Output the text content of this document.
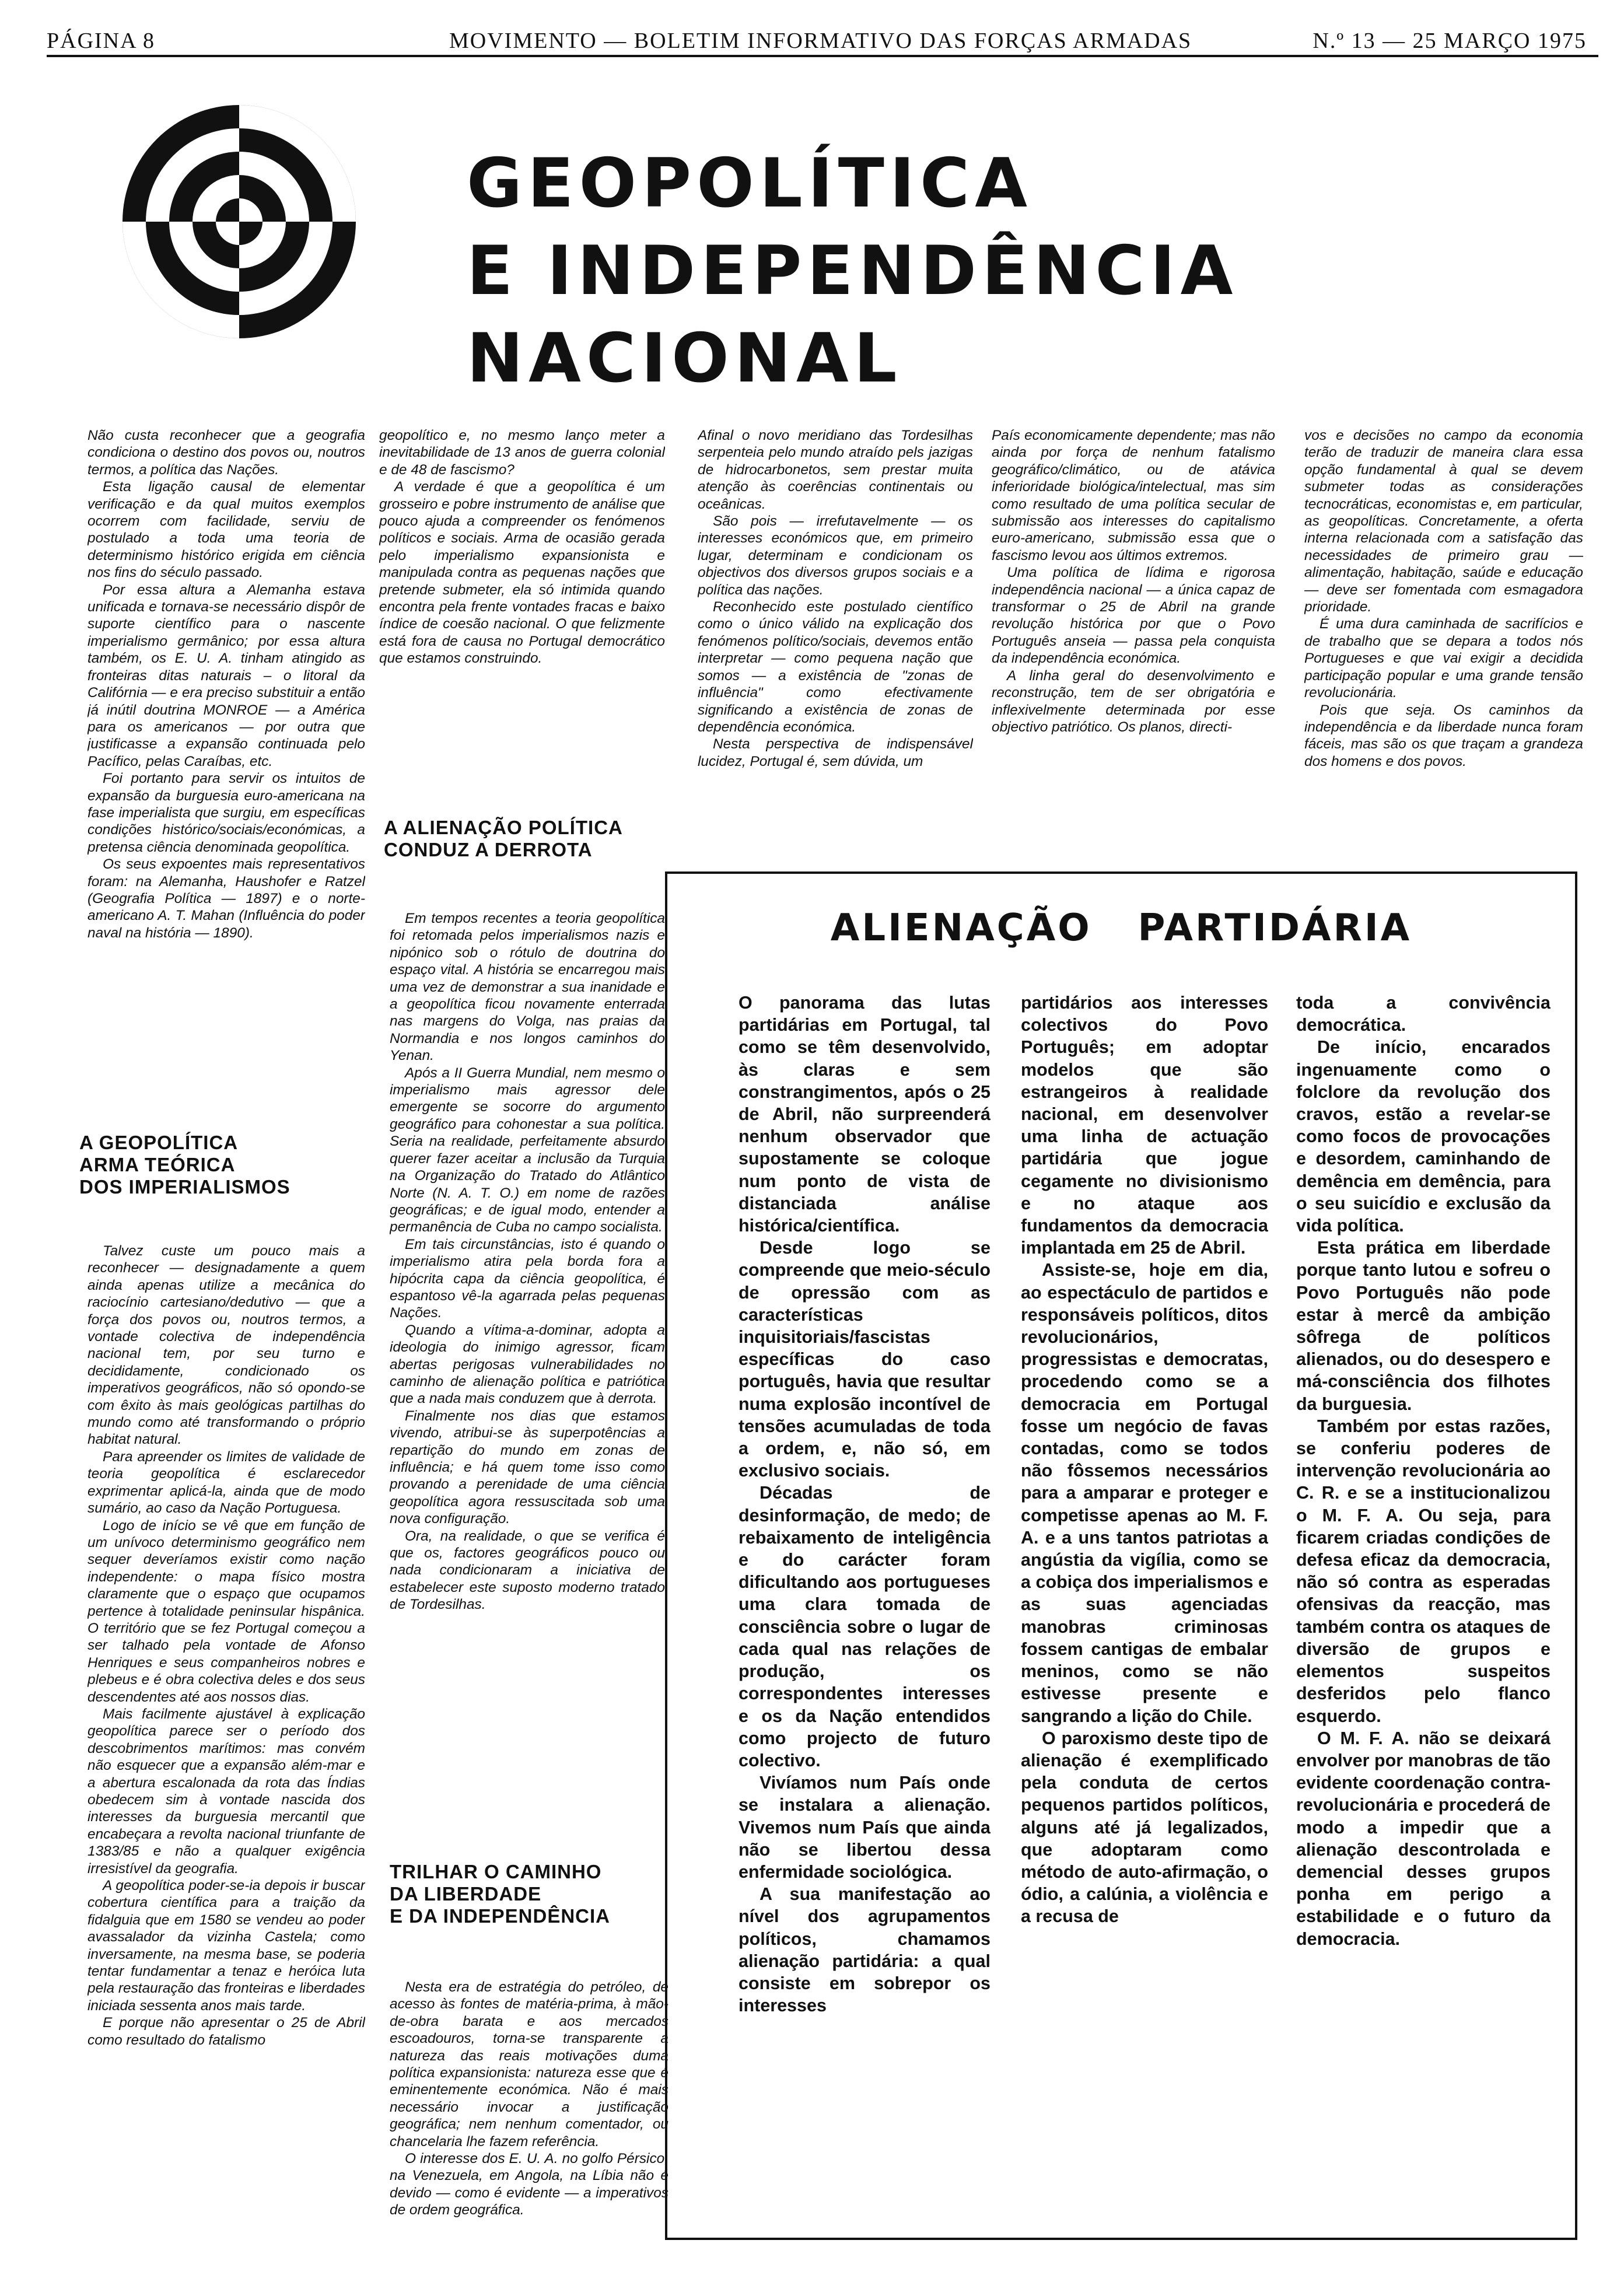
PÁGINA 8	MOVIMENTO — BOLETIM INFORMATIVO DAS FORÇAS ARMADAS	N.º 13 — 25 MARÇO 1975
GEOPOLÍTICA
E INDEPENDÊNCIA
NACIONAL

Não custa reconhecer que a geografia condiciona o destino dos povos ou, noutros termos, a política das Nações.

Esta ligação causal de elementar verificação e da qual muitos exemplos ocorrem com facilidade, serviu de postulado a toda uma teoria de determinismo histórico erigida em ciência nos fins do século passado.

Por essa altura a Alemanha estava unificada e tornava-se necessário dispôr de suporte científico para o nascente imperialismo germânico; por essa altura também, os E. U. A. tinham atingido as fronteiras ditas naturais – o litoral da Califórnia — e era preciso substituir a então já inútil doutrina MONROE — a América para os americanos — por outra que justificasse a expansão continuada pelo Pacífico, pelas Caraíbas, etc.

Foi portanto para servir os intuitos de expansão da burguesia euro-americana na fase imperialista que surgiu, em específicas condições histórico/sociais/económicas, a pretensa ciência denominada geopolítica.

Os seus expoentes mais representativos foram: na Alemanha, Haushofer e Ratzel (Geografia Política — 1897) e o norte-americano A. T. Mahan (Influência do poder naval na história — 1890).

A GEOPOLÍTICA
ARMA TEÓRICA
DOS IMPERIALISMOS

Talvez custe um pouco mais a reconhecer — designadamente a quem ainda apenas utilize a mecânica do raciocínio cartesiano/dedutivo — que a força dos povos ou, noutros termos, a vontade colectiva de independência nacional tem, por seu turno e decididamente, condicionado os imperativos geográficos, não só opondo-se com êxito às mais geológicas partilhas do mundo como até transformando o próprio habitat natural.

Para apreender os limites de validade de teoria geopolítica é esclarecedor exprimentar aplicá-la, ainda que de modo sumário, ao caso da Nação Portuguesa.

Logo de início se vê que em função de um unívoco determinismo geográfico nem sequer deveríamos existir como nação independente: o mapa físico mostra claramente que o espaço que ocupamos pertence à totalidade peninsular hispânica. O território que se fez Portugal começou a ser talhado pela vontade de Afonso Henriques e seus companheiros nobres e plebeus e é obra colectiva deles e dos seus descendentes até aos nossos dias.

Mais facilmente ajustável à explicação geopolítica parece ser o período dos descobrimentos marítimos: mas convém não esquecer que a expansão além-mar e a abertura escalonada da rota das Índias obedecem sim à vontade nascida dos interesses da burguesia mercantil que encabeçara a revolta nacional triunfante de 1383/85 e não a qualquer exigência irresistível da geografia.

A geopolítica poder-se-ia depois ir buscar cobertura científica para a traição da fidalguia que em 1580 se vendeu ao poder avassalador da vizinha Castela; como inversamente, na mesma base, se poderia tentar fundamentar a tenaz e heróica luta pela restauração das fronteiras e liberdades iniciada sessenta anos mais tarde.

E porque não apresentar o 25 de Abril como resultado do fatalismo

geopolítico e, no mesmo lanço meter a inevitabilidade de 13 anos de guerra colonial e de 48 de fascismo?

A verdade é que a geopolítica é um grosseiro e pobre instrumento de análise que pouco ajuda a compreender os fenómenos políticos e sociais. Arma de ocasião gerada pelo imperialismo expansionista e manipulada contra as pequenas nações que pretende submeter, ela só intimida quando encontra pela frente vontades fracas e baixo índice de coesão nacional. O que felizmente está fora de causa no Portugal democrático que estamos construindo.

A ALIENAÇÃO POLÍTICA
CONDUZ A DERROTA

Em tempos recentes a teoria geopolítica foi retomada pelos imperialismos nazis e nipónico sob o rótulo de doutrina do espaço vital. A história se encarregou mais uma vez de demonstrar a sua inanidade e a geopolítica ficou novamente enterrada nas margens do Volga, nas praias da Normandia e nos longos caminhos do Yenan.

Após a II Guerra Mundial, nem mesmo o imperialismo mais agressor dele emergente se socorre do argumento geográfico para cohonestar a sua política. Seria na realidade, perfeitamente absurdo querer fazer aceitar a inclusão da Turquia na Organização do Tratado do Atlântico Norte (N. A. T. O.) em nome de razões geográficas; e de igual modo, entender a permanência de Cuba no campo socialista.

Em tais circunstâncias, isto é quando o imperialismo atira pela borda fora a hipócrita capa da ciência geopolítica, é espantoso vê-la agarrada pelas pequenas Nações.

Quando a vítima-a-dominar, adopta a ideologia do inimigo agressor, ficam abertas perigosas vulnerabilidades no caminho de alienação política e patriótica que a nada mais conduzem que à derrota.

Finalmente nos dias que estamos vivendo, atribui-se às superpotências a repartição do mundo em zonas de influência; e há quem tome isso como provando a perenidade de uma ciência geopolítica agora ressuscitada sob uma nova configuração.

Ora, na realidade, o que se verifica é que os, factores geográficos pouco ou nada condicionaram a iniciativa de estabelecer este suposto moderno tratado de Tordesilhas.

TRILHAR O CAMINHO
DA LIBERDADE
E DA INDEPENDÊNCIA

Nesta era de estratégia do petróleo, de acesso às fontes de matéria-prima, à mão-de-obra barata e aos mercados escoadouros, torna-se transparente a natureza das reais motivações duma política expansionista: natureza esse que é eminentemente económica. Não é mais necessário invocar a justificação geográfica; nem nenhum comentador, ou chancelaria lhe fazem referência.

O interesse dos E. U. A. no golfo Pérsico, na Venezuela, em Angola, na Líbia não é devido — como é evidente — a imperativos de ordem geográfica.

Afinal o novo meridiano das Tordesilhas serpenteia pelo mundo atraído pels jazigas de hidrocarbonetos, sem prestar muita atenção às coerências continentais ou oceânicas.

São pois — irrefutavelmente — os interesses económicos que, em primeiro lugar, determinam e condicionam os objectivos dos diversos grupos sociais e a política das nações.

Reconhecido este postulado científico como o único válido na explicação dos fenómenos político/sociais, devemos então interpretar — como pequena nação que somos — a existência de "zonas de influência" como efectivamente significando a existência de zonas de dependência económica.

Nesta perspectiva de indispensável lucidez, Portugal é, sem dúvida, um

País economicamente dependente; mas não ainda por força de nenhum fatalismo geográfico/climático, ou de atávica inferioridade biológica/intelectual, mas sim como resultado de uma política secular de submissão aos interesses do capitalismo euro-americano, submissão essa que o fascismo levou aos últimos extremos.

Uma política de lídima e rigorosa independência nacional — a única capaz de transformar o 25 de Abril na grande revolução histórica por que o Povo Português anseia — passa pela conquista da independência económica.

A linha geral do desenvolvimento e reconstrução, tem de ser obrigatória e inflexivelmente determinada por esse objectivo patriótico. Os planos, directi-

vos e decisões no campo da economia terão de traduzir de maneira clara essa opção fundamental à qual se devem submeter todas as considerações tecnocráticas, economistas e, em particular, as geopolíticas. Concretamente, a oferta interna relacionada com a satisfação das necessidades de primeiro grau — alimentação, habitação, saúde e educação — deve ser fomentada com esmagadora prioridade.

É uma dura caminhada de sacrifícios e de trabalho que se depara a todos nós Portugueses e que vai exigir a decidida participação popular e uma grande tensão revolucionária.

Pois que seja. Os caminhos da independência e da liberdade nunca foram fáceis, mas são os que traçam a grandeza dos homens e dos povos.

ALIENAÇÃO   PARTIDÁRIA

O panorama das lutas partidárias em Portugal, tal como se têm desenvolvido, às claras e sem constrangimentos, após o 25 de Abril, não surpreenderá nenhum observador que supostamente se coloque num ponto de vista de distanciada análise histórica/científica.

Desde logo se compreende que meio-século de opressão com as características inquisitoriais/fascistas específicas do caso português, havia que resultar numa explosão incontível de tensões acumuladas de toda a ordem, e, não só, em exclusivo sociais.

Décadas de desinformação, de medo; de rebaixamento de inteligência e do carácter foram dificultando aos portugueses uma clara tomada de consciência sobre o lugar de cada qual nas relações de produção, os correspondentes interesses e os da Nação entendidos como projecto de futuro colectivo.

Vivíamos num País onde se instalara a alienação. Vivemos num País que ainda não se libertou dessa enfermidade sociológica.

A sua manifestação ao nível dos agrupamentos políticos, chamamos alienação partidária: a qual consiste em sobrepor os interesses

partidários aos interesses colectivos do Povo Português; em adoptar modelos que são estrangeiros à realidade nacional, em desenvolver uma linha de actuação partidária que jogue cegamente no divisionismo e no ataque aos fundamentos da democracia implantada em 25 de Abril.

Assiste-se, hoje em dia, ao espectáculo de partidos e responsáveis políticos, ditos revolucionários, progressistas e democratas, procedendo como se a democracia em Portugal fosse um negócio de favas contadas, como se todos não fôssemos necessários para a amparar e proteger e competisse apenas ao M. F. A. e a uns tantos patriotas a angústia da vigília, como se a cobiça dos imperialismos e as suas agenciadas manobras criminosas fossem cantigas de embalar meninos, como se não estivesse presente e sangrando a lição do Chile.

O paroxismo deste tipo de alienação é exemplificado pela conduta de certos pequenos partidos políticos, alguns até já legalizados, que adoptaram como método de auto-afirmação, o ódio, a calúnia, a violência e a recusa de

toda a convivência democrática.

De início, encarados ingenuamente como o folclore da revolução dos cravos, estão a revelar-se como focos de provocações e desordem, caminhando de demência em demência, para o seu suicídio e exclusão da vida política.

Esta prática em liberdade porque tanto lutou e sofreu o Povo Português não pode estar à mercê da ambição sôfrega de políticos alienados, ou do desespero e má-consciência dos filhotes da burguesia.

Também por estas razões, se conferiu poderes de intervenção revolucionária ao C. R. e se a institucionalizou o M. F. A. Ou seja, para ficarem criadas condições de defesa eficaz da democracia, não só contra as esperadas ofensivas da reacção, mas também contra os ataques de diversão de grupos e elementos suspeitos desferidos pelo flanco esquerdo.

O M. F. A. não se deixará envolver por manobras de tão evidente coordenação contra-revolucionária e procederá de modo a impedir que a alienação descontrolada e demencial desses grupos ponha em perigo a estabilidade e o futuro da democracia.
